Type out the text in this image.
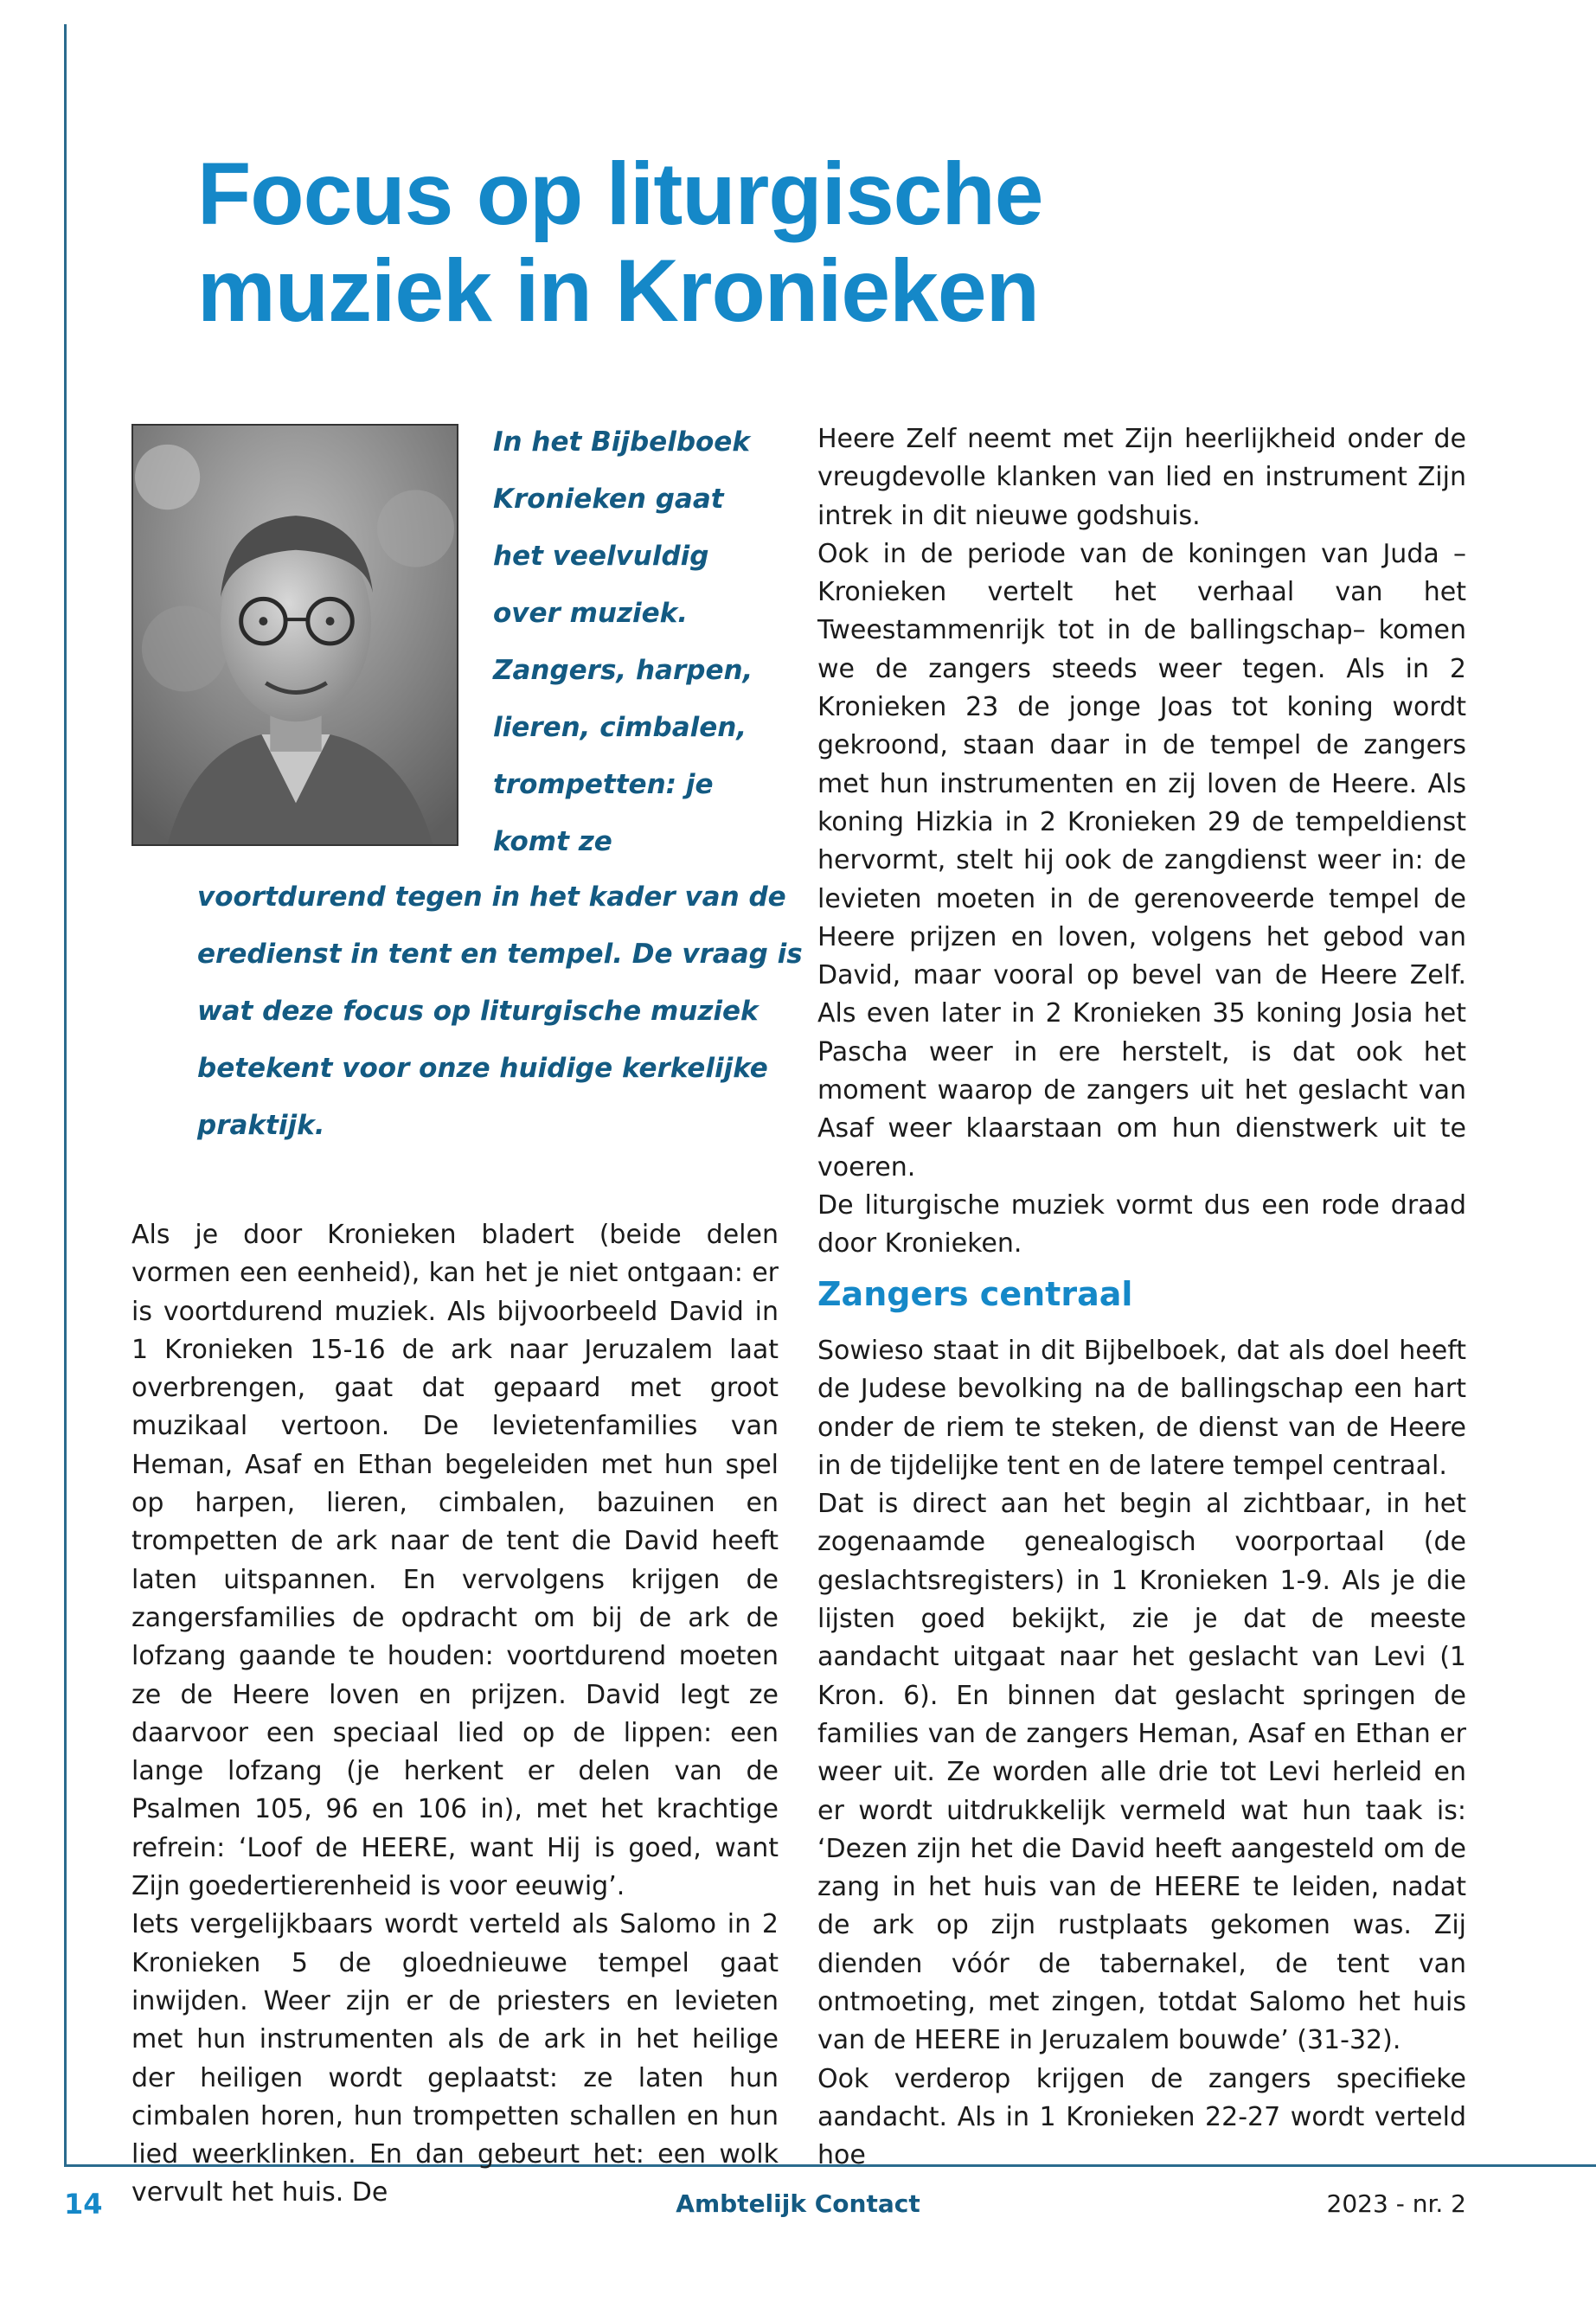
Focus op liturgische
muziek in Kronieken

In het Bijbelboek Kronieken gaat het veelvuldig over muziek. Zangers, harpen, lieren, cimbalen, trompetten: je komt ze

voortdurend tegen in het kader van de eredienst in tent en tempel. De vraag is wat deze focus op liturgische muziek betekent voor onze huidige kerkelijke praktijk.

Als je door Kronieken bladert (beide delen vormen een eenheid), kan het je niet ontgaan: er is voortdurend muziek. Als bijvoorbeeld David in 1 Kronieken 15-16 de ark naar Jeruzalem laat overbrengen, gaat dat gepaard met groot muzikaal vertoon. De levietenfamilies van Heman, Asaf en Ethan begeleiden met hun spel op harpen, lieren, cimbalen, bazuinen en trompetten de ark naar de tent die David heeft laten uitspannen. En vervolgens krijgen de zangersfamilies de opdracht om bij de ark de lofzang gaande te houden: voortdurend moeten ze de Heere loven en prijzen. David legt ze daarvoor een speciaal lied op de lippen: een lange lofzang (je herkent er delen van de Psalmen 105, 96 en 106 in), met het krachtige refrein: ‘Loof de HEERE, want Hij is goed, want Zijn goedertierenheid is voor eeuwig’.

Iets vergelijkbaars wordt verteld als Salomo in 2 Kronieken 5 de gloednieuwe tempel gaat inwijden. Weer zijn er de priesters en levieten met hun instrumenten als de ark in het heilige der heiligen wordt geplaatst: ze laten hun cimbalen horen, hun trompetten schallen en hun lied weerklinken. En dan gebeurt het: een wolk vervult het huis. De

Heere Zelf neemt met Zijn heerlijkheid onder de vreugdevolle klanken van lied en instrument Zijn intrek in dit nieuwe godshuis.

Ook in de periode van de koningen van Juda – Kronieken vertelt het verhaal van het Tweestammenrijk tot in de ballingschap– komen we de zangers steeds weer tegen. Als in 2 Kronieken 23 de jonge Joas tot koning wordt gekroond, staan daar in de tempel de zangers met hun instrumenten en zij loven de Heere. Als koning Hizkia in 2 Kronieken 29 de tempeldienst hervormt, stelt hij ook de zangdienst weer in: de levieten moeten in de gerenoveerde tempel de Heere prijzen en loven, volgens het gebod van David, maar vooral op bevel van de Heere Zelf. Als even later in 2 Kronieken 35 koning Josia het Pascha weer in ere herstelt, is dat ook het moment waarop de zangers uit het geslacht van Asaf weer klaarstaan om hun dienstwerk uit te voeren.

De liturgische muziek vormt dus een rode draad door Kronieken.

Zangers centraal

Sowieso staat in dit Bijbelboek, dat als doel heeft de Judese bevolking na de ballingschap een hart onder de riem te steken, de dienst van de Heere in de tijdelijke tent en de latere tempel centraal.

Dat is direct aan het begin al zichtbaar, in het zogenaamde genealogisch voorportaal (de geslachtsregisters) in 1 Kronieken 1-9. Als je die lijsten goed bekijkt, zie je dat de meeste aandacht uitgaat naar het geslacht van Levi (1 Kron. 6). En binnen dat geslacht springen de families van de zangers Heman, Asaf en Ethan er weer uit. Ze worden alle drie tot Levi herleid en er wordt uitdrukkelijk vermeld wat hun taak is: ‘Dezen zijn het die David heeft aangesteld om de zang in het huis van de HEERE te leiden, nadat de ark op zijn rustplaats gekomen was. Zij dienden vóór de tabernakel, de tent van ontmoeting, met zingen, totdat Salomo het huis van de HEERE in Jeruzalem bouwde’ (31-32).

Ook verderop krijgen de zangers specifieke aandacht. Als in 1 Kronieken 22-27 wordt verteld hoe

14	Ambtelijk Contact	2023 - nr. 2
